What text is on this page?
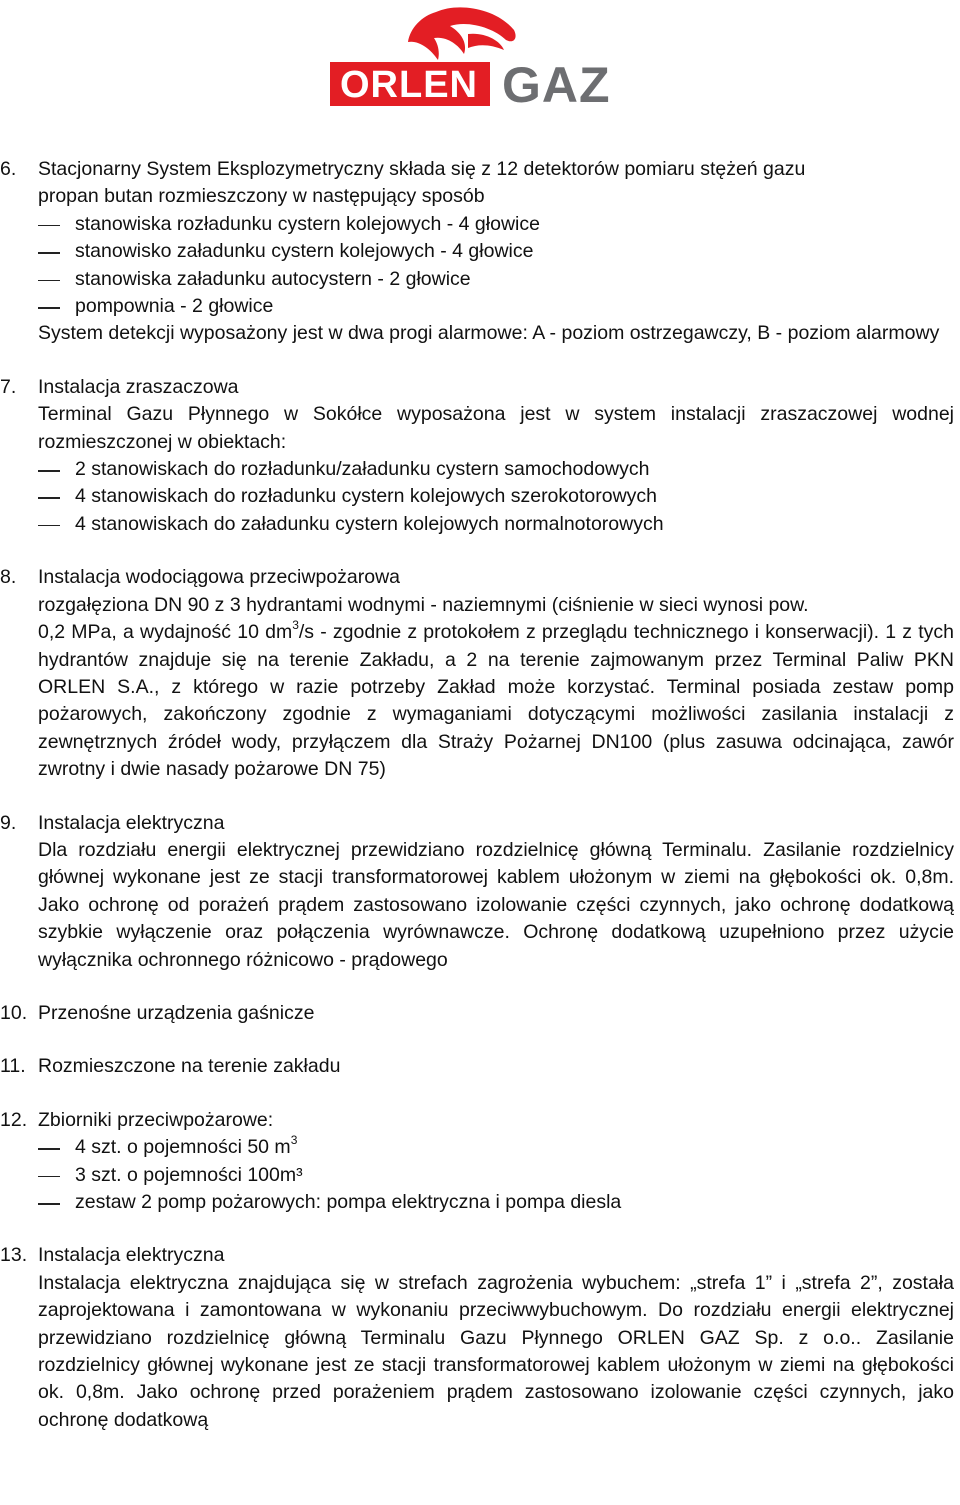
ORLEN GAZ
6.	Stacjonarny System Eksplozymetryczny składa się z 12 detektorów pomiaru stężeń gazu
propan butan rozmieszczony w następujący sposób
stanowiska rozładunku cystern kolejowych - 4 głowice
stanowisko załadunku cystern kolejowych - 4 głowice
stanowiska załadunku autocystern - 2 głowice
pompownia - 2 głowice
System detekcji wyposażony jest w dwa progi alarmowe: A - poziom ostrzegawczy, B - poziom alarmowy
7.	Instalacja zraszaczowa
Terminal Gazu Płynnego w Sokółce wyposażona jest w system instalacji zraszaczowej wodnej rozmieszczonej w obiektach:
2 stanowiskach do rozładunku/załadunku cystern samochodowych
4 stanowiskach do rozładunku cystern kolejowych szerokotorowych
4 stanowiskach do załadunku cystern kolejowych normalnotorowych
8.	Instalacja wodociągowa przeciwpożarowa
rozgałęziona DN 90 z 3 hydrantami wodnymi - naziemnymi (ciśnienie w sieci wynosi pow.
0,2 MPa, a wydajność 10 $dm^3/s$ - zgodnie z protokołem z przeglądu technicznego i konserwacji). 1 z tych hydrantów znajduje się na terenie Zakładu, a 2 na terenie zajmowanym przez Terminal Paliw PKN ORLEN S.A., z którego w razie potrzeby Zakład może korzystać. Terminal posiada zestaw pomp pożarowych, zakończony zgodnie z wymaganiami dotyczącymi możliwości zasilania instalacji z zewnętrznych źródeł wody, przyłączem dla Straży Pożarnej DN100 (plus zasuwa odcinająca, zawór zwrotny i dwie nasady pożarowe DN 75)
9.	Instalacja elektryczna
Dla rozdziału energii elektrycznej przewidziano rozdzielnicę główną Terminalu. Zasilanie rozdzielnicy głównej wykonane jest ze stacji transformatorowej kablem ułożonym w ziemi na głębokości ok. 0,8m. Jako ochronę od porażeń prądem zastosowano izolowanie części czynnych, jako ochronę dodatkową szybkie wyłączenie oraz połączenia wyrównawcze. Ochronę dodatkową uzupełniono przez użycie wyłącznika ochronnego różnicowo - prądowego
10. Przenośne urządzenia gaśnicze
11. Rozmieszczone na terenie zakładu
12. Zbiorniki przeciwpożarowe:
4 szt. o pojemności 50 $m^3$
3 szt. o pojemności 100m³
zestaw 2 pomp pożarowych: pompa elektryczna i pompa diesla
13. Instalacja elektryczna
Instalacja elektryczna znajdująca się w strefach zagrożenia wybuchem: „strefa 1” i „strefa 2”, została zaprojektowana i zamontowana w wykonaniu przeciwwybuchowym. Do rozdziału energii elektrycznej przewidziano rozdzielnicę główną Terminalu Gazu Płynnego ORLEN GAZ Sp. z o.o.. Zasilanie rozdzielnicy głównej wykonane jest ze stacji transformatorowej kablem ułożonym w ziemi na głębokości ok. 0,8m. Jako ochronę przed porażeniem prądem zastosowano izolowanie części czynnych, jako ochronę dodatkową
